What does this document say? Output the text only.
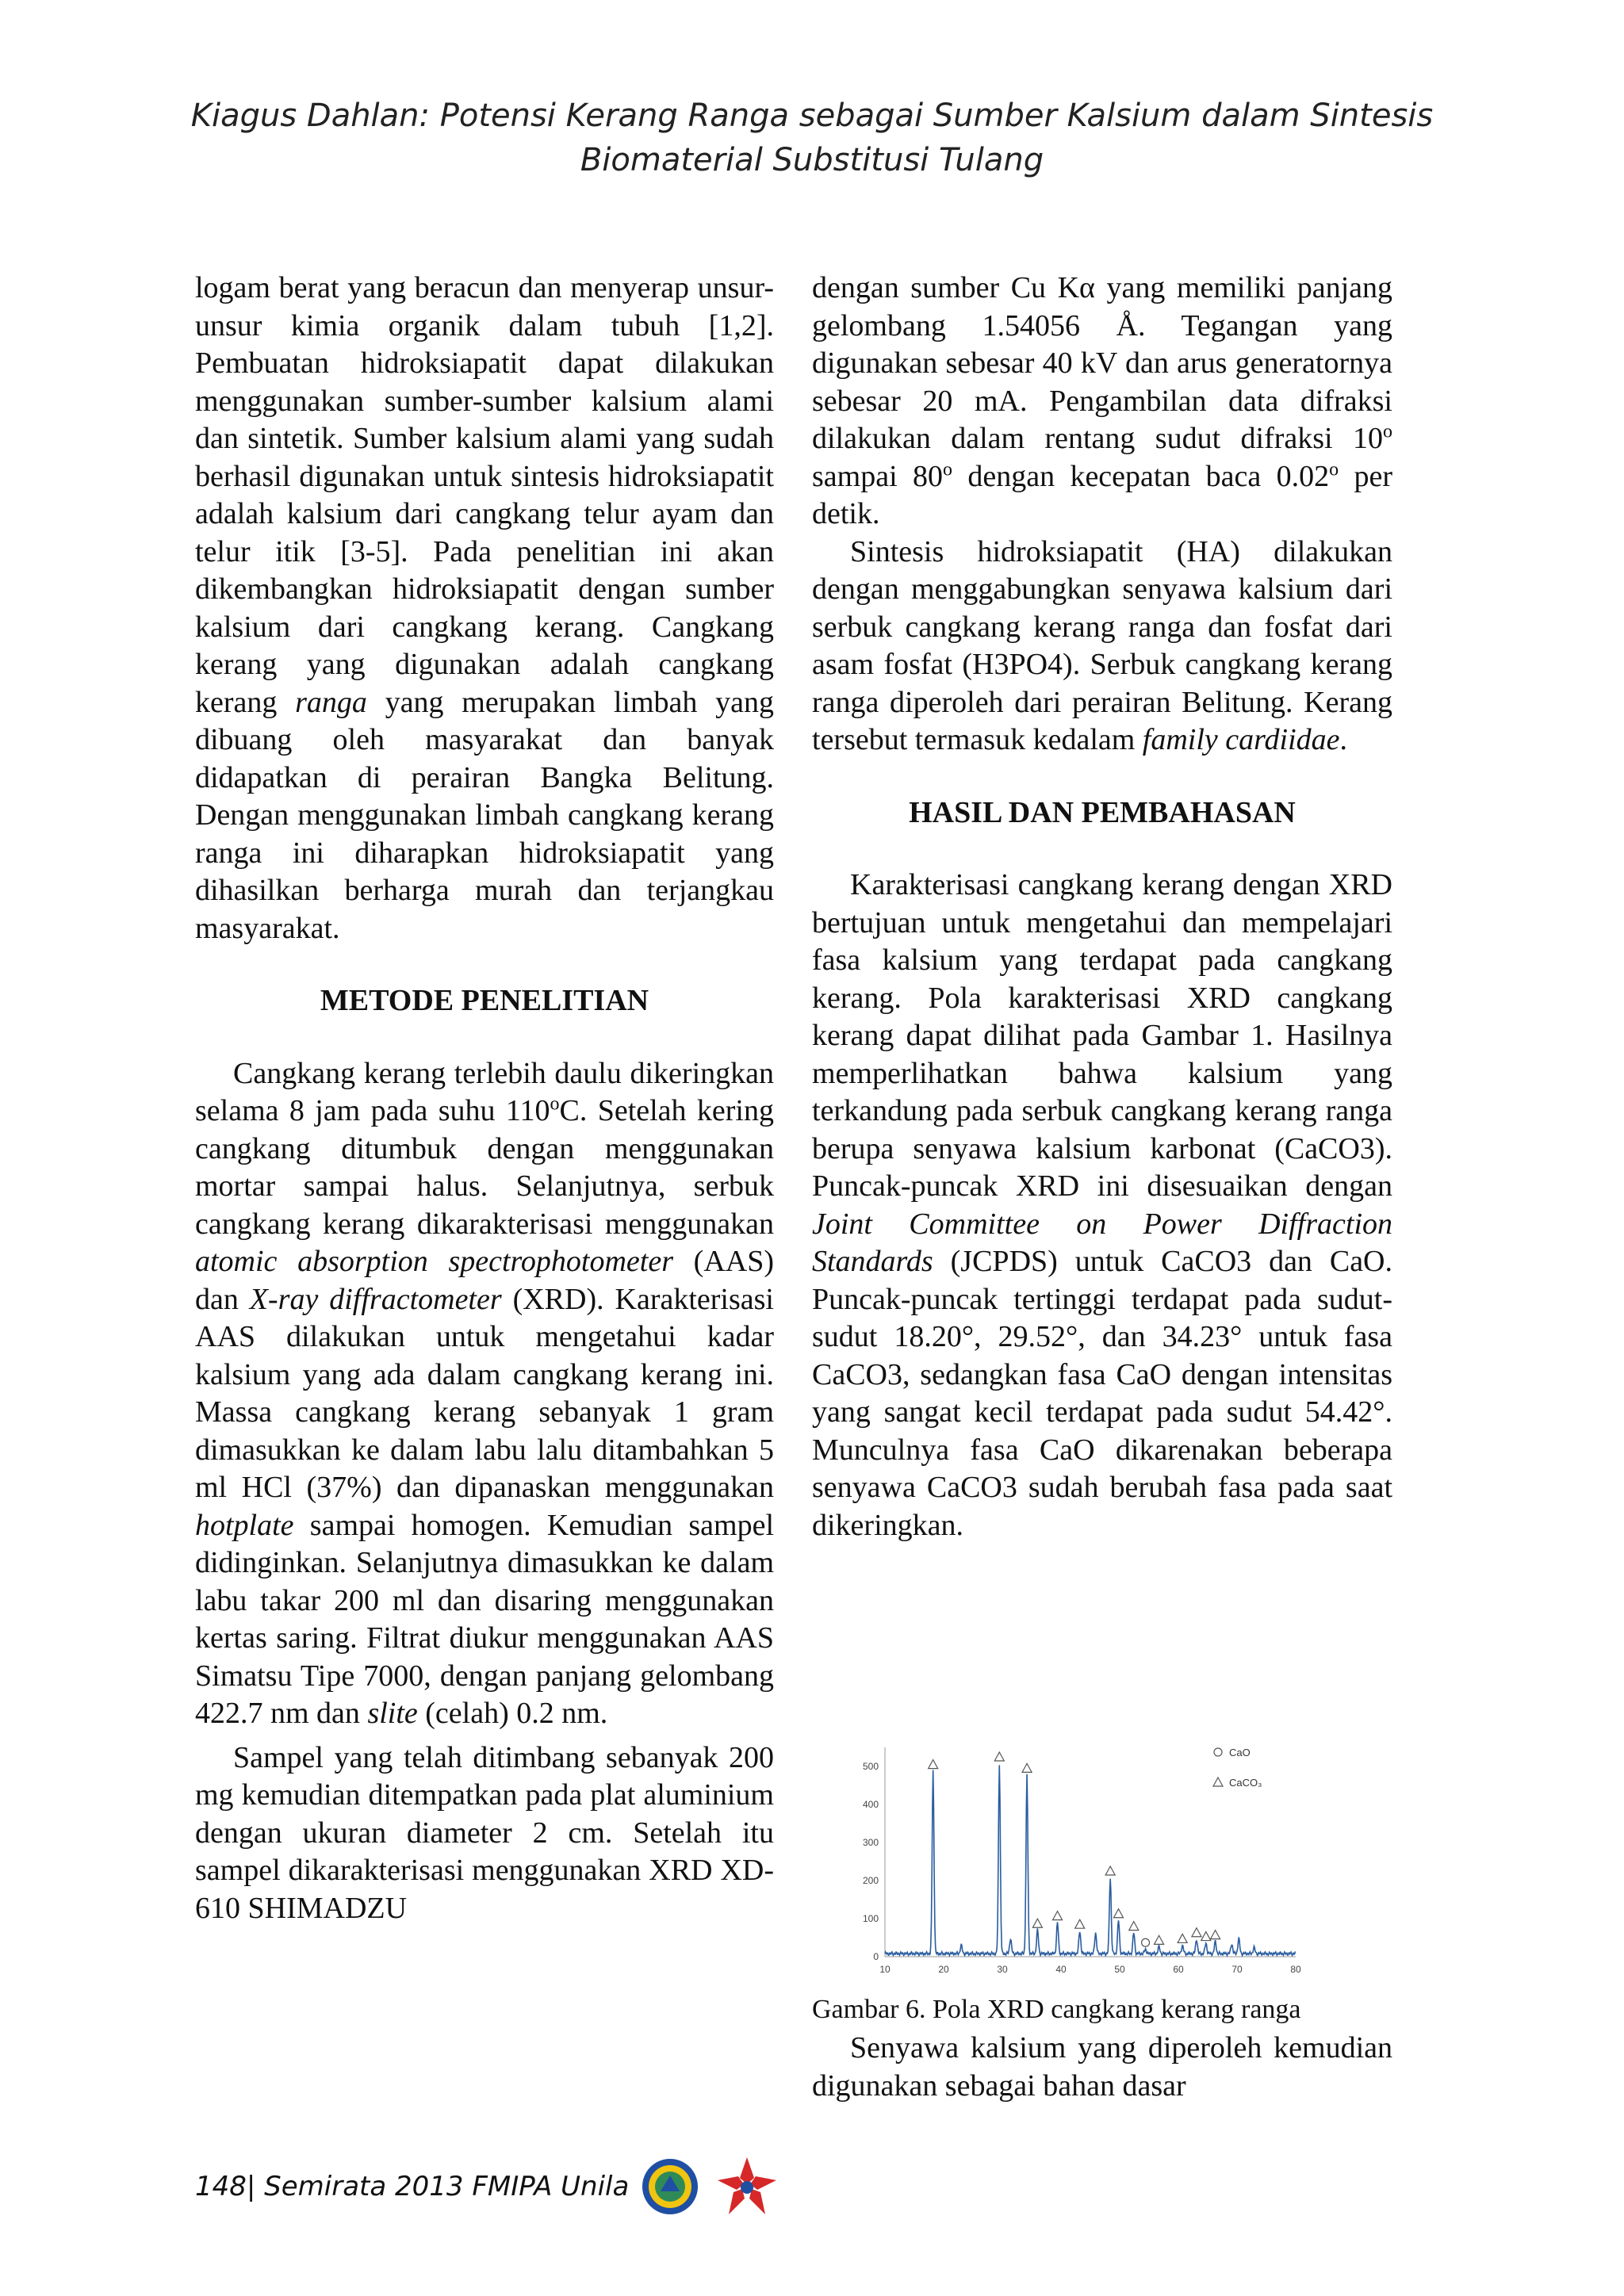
Kiagus Dahlan: Potensi Kerang Ranga sebagai Sumber Kalsium dalam Sintesis
Biomaterial Substitusi Tulang

logam berat yang beracun dan menyerap unsur-unsur kimia organik dalam tubuh [1,2]. Pembuatan hidroksiapatit dapat dilakukan menggunakan sumber-sumber kalsium alami dan sintetik. Sumber kalsium alami yang sudah berhasil digunakan untuk sintesis hidroksiapatit adalah kalsium dari cangkang telur ayam dan telur itik [3-5]. Pada penelitian ini akan dikembangkan hidroksiapatit dengan sumber kalsium dari cangkang kerang. Cangkang kerang yang digunakan adalah cangkang kerang ranga yang merupakan limbah yang dibuang oleh masyarakat dan banyak didapatkan di perairan Bangka Belitung. Dengan menggunakan limbah cangkang kerang ranga ini diharapkan hidroksiapatit yang dihasilkan berharga murah dan terjangkau masyarakat.

METODE PENELITIAN

Cangkang kerang terlebih daulu dikeringkan selama 8 jam pada suhu 110$^o$C. Setelah kering cangkang ditumbuk dengan menggunakan mortar sampai halus. Selanjutnya, serbuk cangkang kerang dikarakterisasi menggunakan atomic absorption spectrophotometer (AAS) dan X-ray diffractometer (XRD). Karakterisasi AAS dilakukan untuk mengetahui kadar kalsium yang ada dalam cangkang kerang ini. Massa cangkang kerang sebanyak 1 gram dimasukkan ke dalam labu lalu ditambahkan 5 ml HCl (37%) dan dipanaskan menggunakan hotplate sampai homogen. Kemudian sampel didinginkan. Selanjutnya dimasukkan ke dalam labu takar 200 ml dan disaring menggunakan kertas saring. Filtrat diukur menggunakan AAS Simatsu Tipe 7000, dengan panjang gelombang 422.7 nm dan slite (celah) 0.2 nm.

Sampel yang telah ditimbang sebanyak 200 mg kemudian ditempatkan pada plat aluminium dengan ukuran diameter 2 cm. Setelah itu sampel dikarakterisasi menggunakan XRD XD-610 SHIMADZU

dengan sumber Cu Kα yang memiliki panjang gelombang 1.54056 Å. Tegangan yang digunakan sebesar 40 kV dan arus generatornya sebesar 20 mA. Pengambilan data difraksi dilakukan dalam rentang sudut difraksi 10$^o$ sampai 80$^o$ dengan kecepatan baca 0.02$^o$ per detik.

Sintesis hidroksiapatit (HA) dilakukan dengan menggabungkan senyawa kalsium dari serbuk cangkang kerang ranga dan fosfat dari asam fosfat (H3PO4). Serbuk cangkang kerang ranga diperoleh dari perairan Belitung. Kerang tersebut termasuk kedalam family cardiidae.

HASIL DAN PEMBAHASAN

Karakterisasi cangkang kerang dengan XRD bertujuan untuk mengetahui dan mempelajari fasa kalsium yang terdapat pada cangkang kerang. Pola karakterisasi XRD cangkang kerang dapat dilihat pada Gambar 1. Hasilnya memperlihatkan bahwa kalsium yang terkandung pada serbuk cangkang kerang ranga berupa senyawa kalsium karbonat (CaCO3). Puncak-puncak XRD ini disesuaikan dengan Joint Committee on Power Diffraction Standards (JCPDS) untuk CaCO3 dan CaO. Puncak-puncak tertinggi terdapat pada sudut-sudut 18.20°, 29.52°, dan 34.23° untuk fasa CaCO3, sedangkan fasa CaO dengan intensitas yang sangat kecil terdapat pada sudut 54.42°. Munculnya fasa CaO dikarenakan beberapa senyawa CaCO3 sudah berubah fasa pada saat dikeringkan.

0
100
200
300
400
500
10	20	30	40	50	60	70	80
CaO
CaCO₃
Gambar 6. Pola XRD cangkang kerang ranga

Senyawa kalsium yang diperoleh kemudian digunakan sebagai bahan dasar

148| Semirata 2013 FMIPA Unila
